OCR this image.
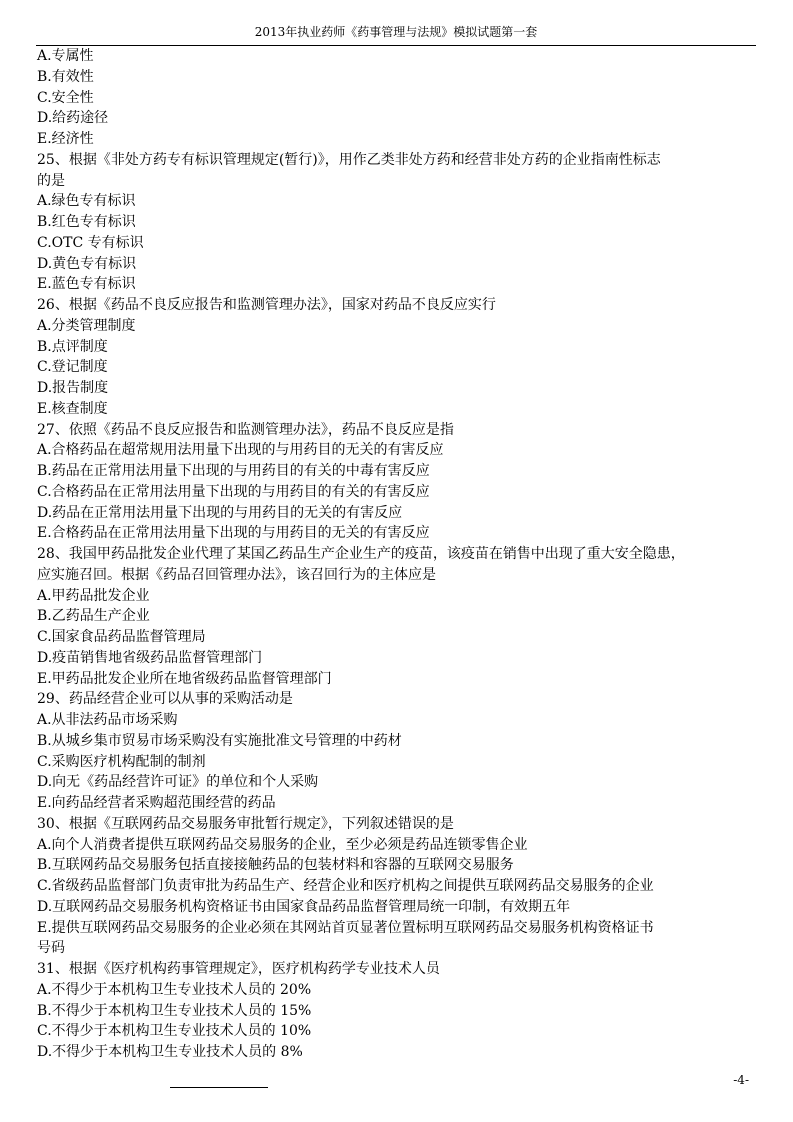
2013年执业药师《药事管理与法规》模拟试题第一套
A.专属性
B.有效性
C.安全性
D.给药途径
E.经济性
25、根据《非处方药专有标识管理规定(暂行)》，用作乙类非处方药和经营非处方药的企业指南性标志
的是
A.绿色专有标识
B.红色专有标识
C.OTC 专有标识
D.黄色专有标识
E.蓝色专有标识
26、根据《药品不良反应报告和监测管理办法》，国家对药品不良反应实行
A.分类管理制度
B.点评制度
C.登记制度
D.报告制度
E.核查制度
27、依照《药品不良反应报告和监测管理办法》，药品不良反应是指
A.合格药品在超常规用法用量下出现的与用药目的无关的有害反应
B.药品在正常用法用量下出现的与用药目的有关的中毒有害反应
C.合格药品在正常用法用量下出现的与用药目的有关的有害反应
D.药品在正常用法用量下出现的与用药目的无关的有害反应
E.合格药品在正常用法用量下出现的与用药目的无关的有害反应
28、我国甲药品批发企业代理了某国乙药品生产企业生产的疫苗，该疫苗在销售中出现了重大安全隐患，
应实施召回。根据《药品召回管理办法》，该召回行为的主体应是
A.甲药品批发企业
B.乙药品生产企业
C.国家食品药品监督管理局
D.疫苗销售地省级药品监督管理部门
E.甲药品批发企业所在地省级药品监督管理部门
29、药品经营企业可以从事的采购活动是
A.从非法药品市场采购
B.从城乡集市贸易市场采购没有实施批准文号管理的中药材
C.采购医疗机构配制的制剂
D.向无《药品经营许可证》的单位和个人采购
E.向药品经营者采购超范围经营的药品
30、根据《互联网药品交易服务审批暂行规定》，下列叙述错误的是
A.向个人消费者提供互联网药品交易服务的企业，至少必须是药品连锁零售企业
B.互联网药品交易服务包括直接接触药品的包装材料和容器的互联网交易服务
C.省级药品监督部门负责审批为药品生产、经营企业和医疗机构之间提供互联网药品交易服务的企业
D.互联网药品交易服务机构资格证书由国家食品药品监督管理局统一印制，有效期五年
E.提供互联网药品交易服务的企业必须在其网站首页显著位置标明互联网药品交易服务机构资格证书
号码
31、根据《医疗机构药事管理规定》，医疗机构药学专业技术人员
A.不得少于本机构卫生专业技术人员的 20%
B.不得少于本机构卫生专业技术人员的 15%
C.不得少于本机构卫生专业技术人员的 10%
D.不得少于本机构卫生专业技术人员的 8%
-4-
